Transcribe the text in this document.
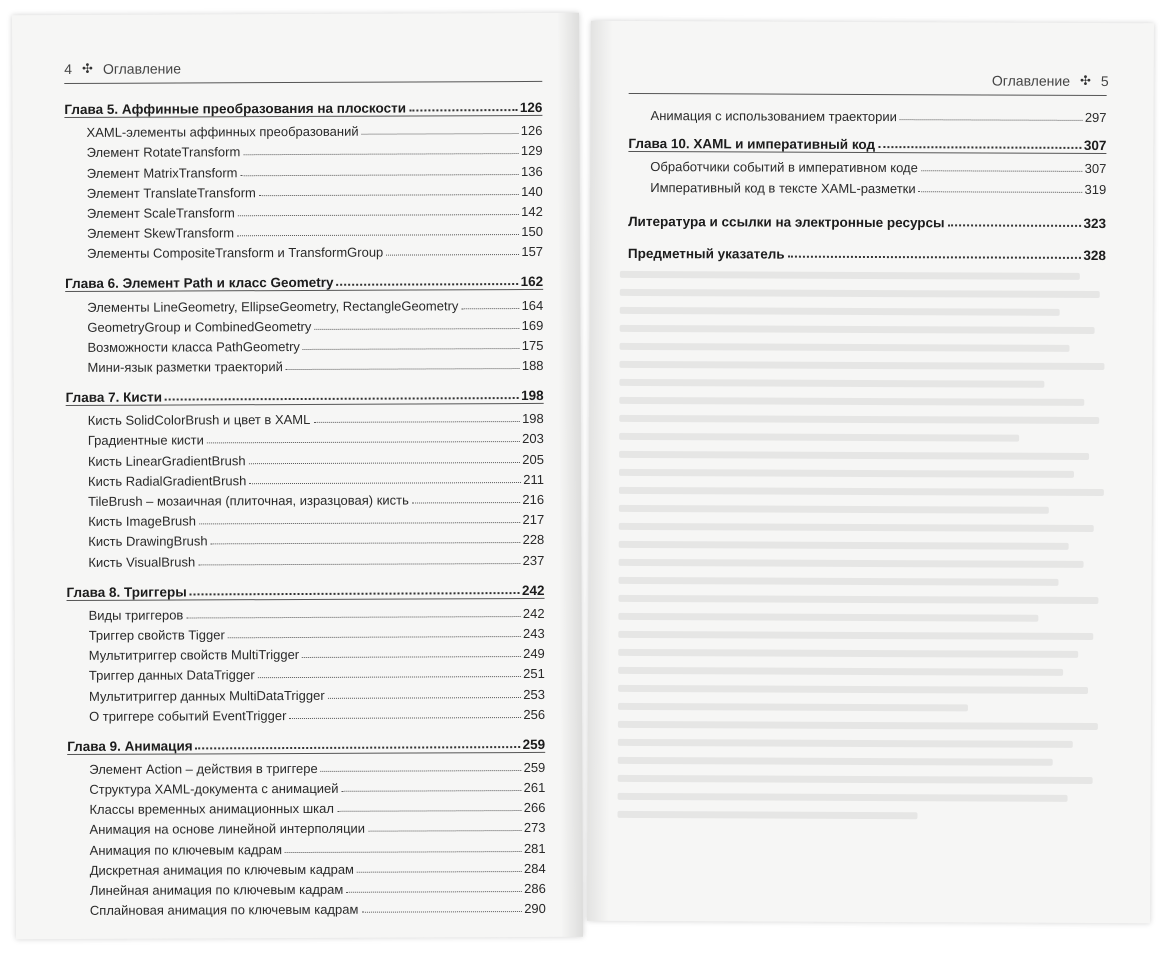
4 ✣ Оглавление
Глава 5. Аффинные преобразования на плоскости	126
XAML-элементы аффинных преобразований	126
Элемент RotateTransform	129
Элемент MatrixTransform	136
Элемент TranslateTransform	140
Элемент ScaleTransform	142
Элемент SkewTransform	150
Элементы CompositeTransform и TransformGroup	157
Глава 6. Элемент Path и класс Geometry	162
Элементы LineGeometry, EllipseGeometry, RectangleGeometry	164
GeometryGroup и CombinedGeometry	169
Возможности класса PathGeometry	175
Мини-язык разметки траекторий	188
Глава 7. Кисти	198
Кисть SolidColorBrush и цвет в XAML	198
Градиентные кисти	203
Кисть LinearGradientBrush	205
Кисть RadialGradientBrush	211
TileBrush – мозаичная (плиточная, изразцовая) кисть	216
Кисть ImageBrush	217
Кисть DrawingBrush	228
Кисть VisualBrush	237
Глава 8. Триггеры	242
Виды триггеров	242
Триггер свойств Tigger	243
Мультитриггер свойств MultiTrigger	249
Триггер данных DataTrigger	251
Мультитриггер данных MultiDataTrigger	253
О триггере событий EventTrigger	256
Глава 9. Анимация	259
Элемент Action – действия в триггере	259
Структура XAML-документа с анимацией	261
Классы временных анимационных шкал	266
Анимация на основе линейной интерполяции	273
Анимация по ключевым кадрам	281
Дискретная анимация по ключевым кадрам	284
Линейная анимация по ключевым кадрам	286
Сплайновая анимация по ключевым кадрам	290
Оглавление ✣ 5
Анимация с использованием траектории	297
Глава 10. XAML и императивный код	307
Обработчики событий в императивном коде	307
Императивный код в тексте XAML-разметки	319
Литература и ссылки на электронные ресурсы	323
Предметный указатель	328
